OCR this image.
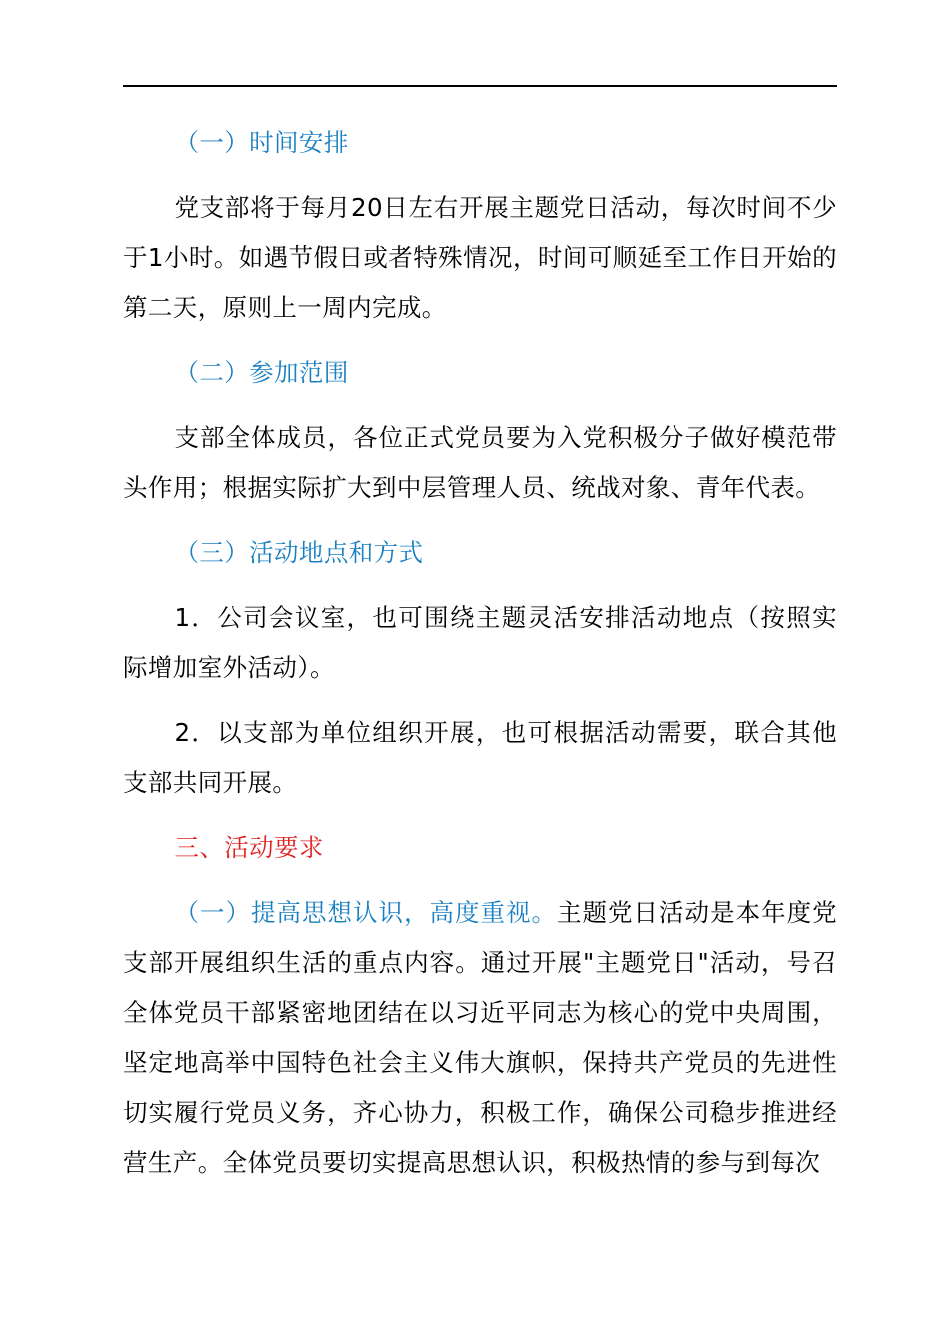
（一）时间安排

党支部将于每月20日左右开展主题党日活动，每次时间不少于1小时。如遇节假日或者特殊情况，时间可顺延至工作日开始的第二天，原则上一周内完成。

（二）参加范围

支部全体成员，各位正式党员要为入党积极分子做好模范带头作用；根据实际扩大到中层管理人员、统战对象、青年代表。

（三）活动地点和方式

1．公司会议室，也可围绕主题灵活安排活动地点（按照实际增加室外活动）。

2．以支部为单位组织开展，也可根据活动需要，联合其他支部共同开展。

三、活动要求

（一）提高思想认识，高度重视。主题党日活动是本年度党支部开展组织生活的重点内容。通过开展"主题党日"活动，号召全体党员干部紧密地团结在以习近平同志为核心的党中央周围，坚定地高举中国特色社会主义伟大旗帜，保持共产党员的先进性切实履行党员义务，齐心协力，积极工作，确保公司稳步推进经营生产。全体党员要切实提高思想认识，积极热情的参与到每次
